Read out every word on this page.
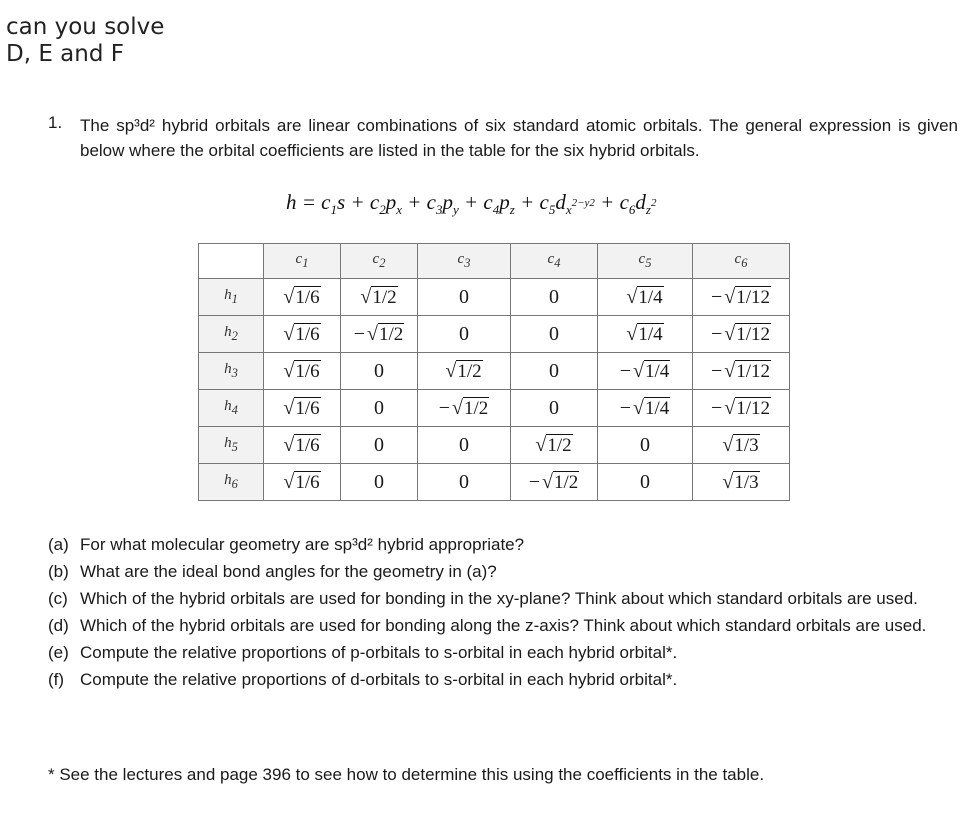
can you solve
D, E and F
1.	The sp³d² hybrid orbitals are linear combinations of six standard atomic orbitals. The general expression is given below where the orbital coefficients are listed in the table for the six hybrid orbitals.
$h = c_1s + c_2p_x + c_3p_y + c_4p_z + c_5d_{x^{2-y2}} + c_6d_{z^2}$
	$c_1$	$c_2$	$c_3$	$c_4$	$c_5$	$c_6$
$h_1$	√ 1/6	√ 1/2	0	0	√ 1/4	− √ 1/12

$h_2$	√ 1/6	− √ 1/2	0	0	√ 1/4	− √ 1/12

$h_3$	√ 1/6	0	√ 1/2	0	− √ 1/4	− √ 1/12

$h_4$	√ 1/6	0	− √ 1/2	0	− √ 1/4	− √ 1/12

$h_5$	√ 1/6	0	0	√ 1/2	0	√ 1/3

$h_6$	√ 1/6	0	0	− √ 1/2	0	√ 1/3
(a) For what molecular geometry are sp³d² hybrid appropriate?
(b) What are the ideal bond angles for the geometry in (a)?
(c) Which of the hybrid orbitals are used for bonding in the xy-plane? Think about which standard orbitals are used.
(d) Which of the hybrid orbitals are used for bonding along the z-axis? Think about which standard orbitals are used.
(e) Compute the relative proportions of p-orbitals to s-orbital in each hybrid orbital*.
(f) Compute the relative proportions of d-orbitals to s-orbital in each hybrid orbital*.
* See the lectures and page 396 to see how to determine this using the coefficients in the table.
